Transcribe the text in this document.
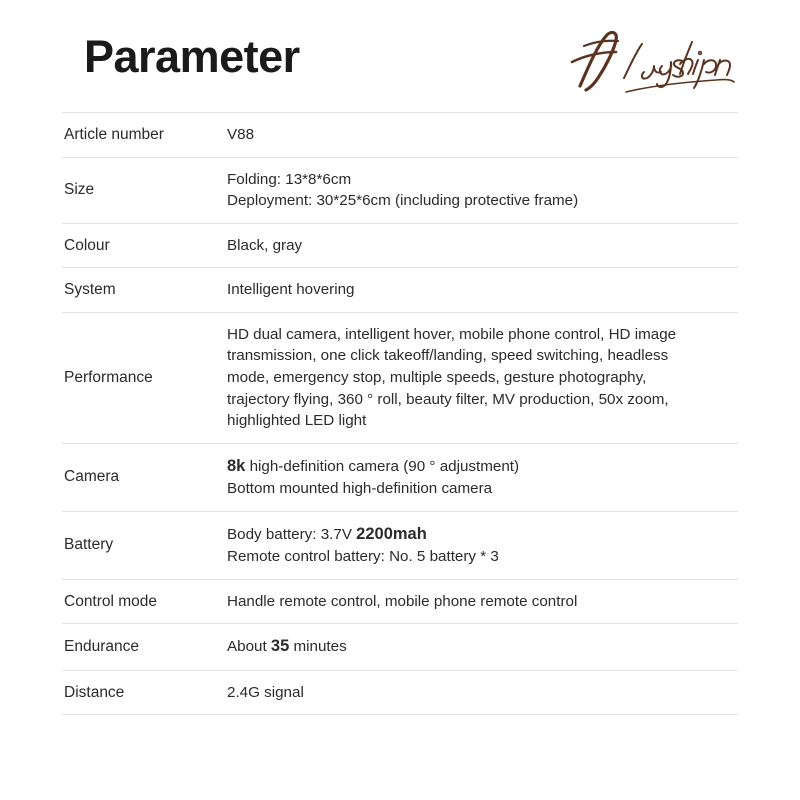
Parameter
Article number	V88

Size	Folding: 13*8*6cm
Deployment: 30*25*6cm (including protective frame)

Colour	Black, gray

System	Intelligent hovering

Performance	HD dual camera, intelligent hover, mobile phone control, HD image
transmission, one click takeoff/landing, speed switching, headless
mode, emergency stop, multiple speeds, gesture photography,
trajectory flying, 360 ° roll, beauty filter, MV production, 50x zoom,
highlighted LED light

Camera	8k high-definition camera (90 ° adjustment)
Bottom mounted high-definition camera

Battery	Body battery: 3.7V 2200mah
Remote control battery: No. 5 battery * 3

Control mode	Handle remote control, mobile phone remote control

Endurance	About 35 minutes

Distance	2.4G signal
